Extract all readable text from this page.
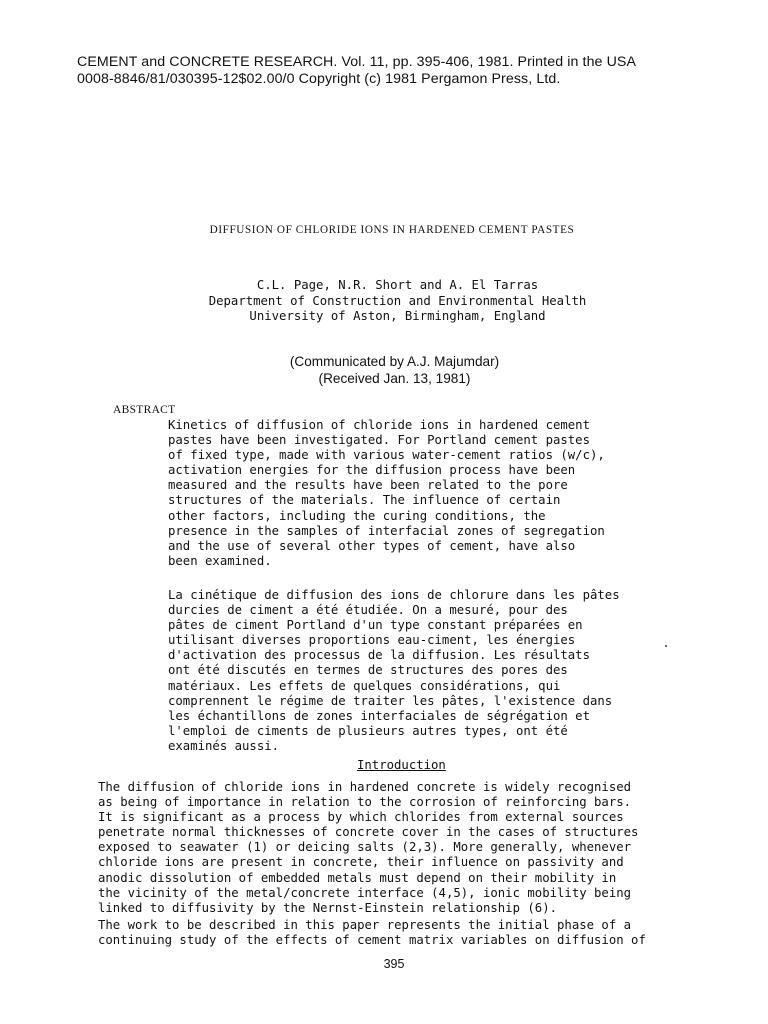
CEMENT and CONCRETE RESEARCH. Vol. 11, pp. 395-406, 1981. Printed in the USA
0008-8846/81/030395-12$02.00/0 Copyright (c) 1981 Pergamon Press, Ltd.
DIFFUSION OF CHLORIDE IONS IN HARDENED CEMENT PASTES
C.L. Page, N.R. Short and A. El Tarras
Department of Construction and Environmental Health
University of Aston, Birmingham, England
(Communicated by A.J. Majumdar)
(Received Jan. 13, 1981)
ABSTRACT
Kinetics of diffusion of chloride ions in hardened cement
pastes have been investigated. For Portland cement pastes
of fixed type, made with various water-cement ratios (w/c),
activation energies for the diffusion process have been
measured and the results have been related to the pore
structures of the materials. The influence of certain
other factors, including the curing conditions, the
presence in the samples of interfacial zones of segregation
and the use of several other types of cement, have also
been examined.
La cinétique de diffusion des ions de chlorure dans les pâtes
durcies de ciment a été étudiée. On a mesuré, pour des
pâtes de ciment Portland d'un type constant préparées en
utilisant diverses proportions eau-ciment, les énergies
d'activation des processus de la diffusion. Les résultats
ont été discutés en termes de structures des pores des
matériaux. Les effets de quelques considérations, qui
comprennent le régime de traiter les pâtes, l'existence dans
les échantillons de zones interfaciales de ségrégation et
l'emploi de ciments de plusieurs autres types, ont été
examinés aussi.
Introduction
The diffusion of chloride ions in hardened concrete is widely recognised
as being of importance in relation to the corrosion of reinforcing bars.
It is significant as a process by which chlorides from external sources
penetrate normal thicknesses of concrete cover in the cases of structures
exposed to seawater (1) or deicing salts (2,3). More generally, whenever
chloride ions are present in concrete, their influence on passivity and
anodic dissolution of embedded metals must depend on their mobility in
the vicinity of the metal/concrete interface (4,5), ionic mobility being
linked to diffusivity by the Nernst-Einstein relationship (6).
The work to be described in this paper represents the initial phase of a
continuing study of the effects of cement matrix variables on diffusion of
395
